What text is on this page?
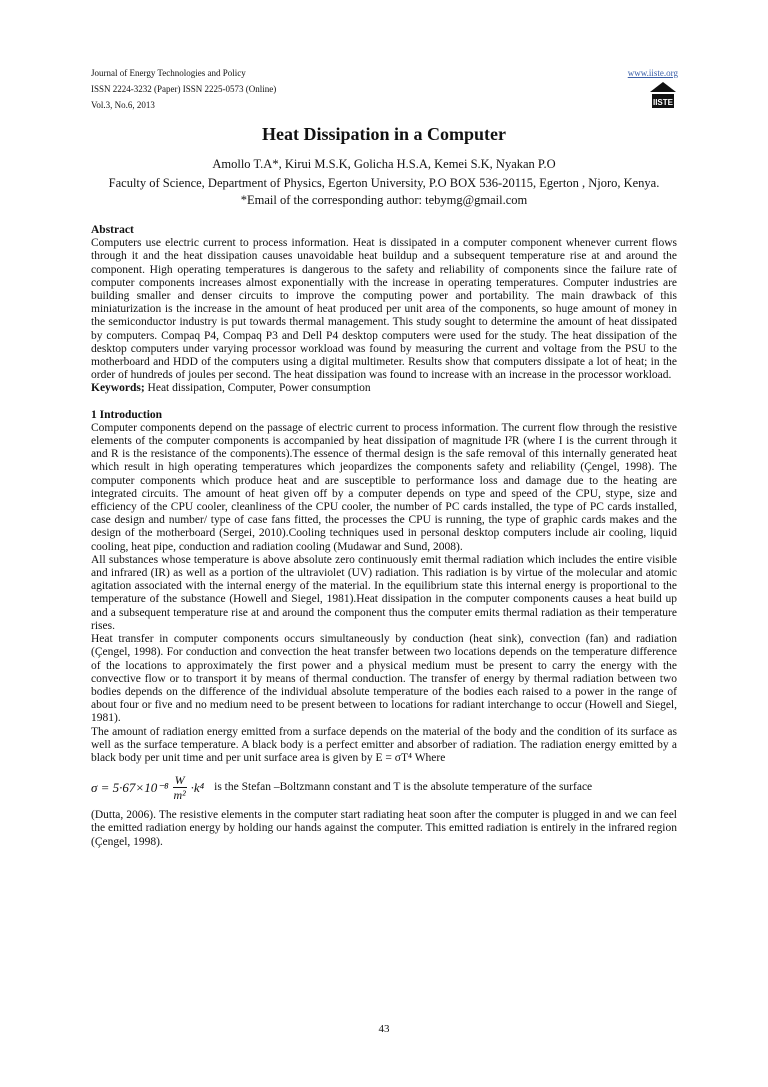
Journal of Energy Technologies and Policy
ISSN 2224-3232 (Paper) ISSN 2225-0573 (Online)
Vol.3, No.6, 2013
www.iiste.org
IISTE
Heat Dissipation in a Computer
Amollo T.A*, Kirui M.S.K, Golicha H.S.A, Kemei S.K, Nyakan P.O
Faculty of Science, Department of Physics, Egerton University, P.O BOX 536-20115, Egerton , Njoro, Kenya.
*Email of the corresponding author: tebymg@gmail.com

Abstract

Computers use electric current to process information. Heat is dissipated in a computer component whenever current flows through it and the heat dissipation causes unavoidable heat buildup and a subsequent temperature rise at and around the component. High operating temperatures is dangerous to the safety and reliability of components since the failure rate of computer components increases almost exponentially with the increase in operating temperatures. Computer industries are building smaller and denser circuits to improve the computing power and portability. The main drawback of this miniaturization is the increase in the amount of heat produced per unit area of the components, so huge amount of money in the semiconductor industry is put towards thermal management. This study sought to determine the amount of heat dissipated by computers. Compaq P4, Compaq P3 and Dell P4 desktop computers were used for the study. The heat dissipation of the desktop computers under varying processor workload was found by measuring the current and voltage from the PSU to the motherboard and HDD of the computers using a digital multimeter. Results show that computers dissipate a lot of heat; in the order of hundreds of joules per second. The heat dissipation was found to increase with an increase in the processor workload.

Keywords; Heat dissipation, Computer, Power consumption

1 Introduction

Computer components depend on the passage of electric current to process information. The current flow through the resistive elements of the computer components is accompanied by heat dissipation of magnitude I²R (where I is the current through it and R is the resistance of the components).The essence of thermal design is the safe removal of this internally generated heat which result in high operating temperatures which jeopardizes the components safety and reliability (Çengel, 1998). The computer components which produce heat and are susceptible to performance loss and damage due to the heating are integrated circuits. The amount of heat given off by a computer depends on type and speed of the CPU, stype, size and efficiency of the CPU cooler, cleanliness of the CPU cooler, the number of PC cards installed, the type of PC cards installed, case design and number/ type of case fans fitted, the processes the CPU is running, the type of graphic cards makes and the design of the motherboard (Sergei, 2010).Cooling techniques used in personal desktop computers include air cooling, liquid cooling, heat pipe, conduction and radiation cooling (Mudawar and Sund, 2008).

All substances whose temperature is above absolute zero continuously emit thermal radiation which includes the entire visible and infrared (IR) as well as a portion of the ultraviolet (UV) radiation. This radiation is by virtue of the molecular and atomic agitation associated with the internal energy of the material. In the equilibrium state this internal energy is proportional to the temperature of the substance (Howell and Siegel, 1981).Heat dissipation in the computer components causes a heat build up and a subsequent temperature rise at and around the component thus the computer emits thermal radiation as their temperature rises.

Heat transfer in computer components occurs simultaneously by conduction (heat sink), convection (fan) and radiation (Çengel, 1998). For conduction and convection the heat transfer between two locations depends on the temperature difference of the locations to approximately the first power and a physical medium must be present to carry the energy with the convective flow or to transport it by means of thermal conduction. The transfer of energy by thermal radiation between two bodies depends on the difference of the individual absolute temperature of the bodies each raised to a power in the range of about four or five and no medium need to be present between to locations for radiant interchange to occur (Howell and Siegel, 1981).

The amount of radiation energy emitted from a surface depends on the material of the body and the condition of its surface as well as the surface temperature. A black body is a perfect emitter and absorber of radiation. The radiation energy emitted by a black body per unit time and per unit surface area is given by E = σT⁴ Where

$\sigma = 5\cdot 67\times 10^{-8} \frac{W}{\text{m²}} \cdot k^4$ is the Stefan –Boltzmann constant and T is the absolute temperature of the surface

(Dutta, 2006). The resistive elements in the computer start radiating heat soon after the computer is plugged in and we can feel the emitted radiation energy by holding our hands against the computer. This emitted radiation is entirely in the infrared region (Çengel, 1998).

43
